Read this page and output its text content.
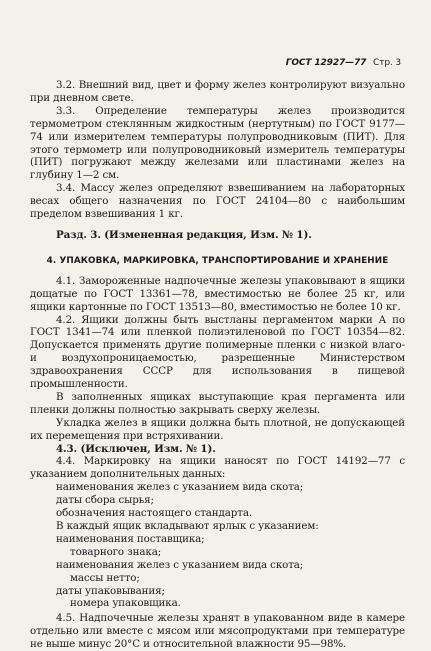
ГОСТ 12927—77 Стр. 3

3.2. Внешний вид, цвет и форму желез контролируют визуально при дневном свете.

3.3. Определение температуры желез производится термометром стеклянным жидкостным (нертутным) по ГОСТ 9177—74 или измерителем температуры полупроводниковым (ПИТ). Для этого термометр или полупроводниковый измеритель температуры (ПИТ) погружают между железами или пластинами желез на глубину 1—2 см.

3.4. Массу желез определяют взвешиванием на лабораторных весах общего назначения по ГОСТ 24104—80 с наибольшим пределом взвешивания 1 кг.

Разд. 3. (Измененная редакция, Изм. № 1).

4. УПАКОВКА, МАРКИРОВКА, ТРАНСПОРТИРОВАНИЕ И ХРАНЕНИЕ

4.1. Замороженные надпочечные железы упаковывают в ящики дощатые по ГОСТ 13361—78, вместимостью не более 25 кг, или ящики картонные по ГОСТ 13513—80, вместимостью не более 10 кг.

4.2. Ящики должны быть выстланы пергаментом марки А по ГОСТ 1341—74 или пленкой полиэтиленовой по ГОСТ 10354—82. Допускается применять другие полимерные пленки с низкой влаго- и воздухопроницаемостью, разрешенные Министерством здравоохранения СССР для использования в пищевой промышленности.

В заполненных ящиках выступающие края пергамента или пленки должны полностью закрывать сверху железы.

Укладка желез в ящики должна быть плотной, не допускающей их перемещения при встряхивании.

4.3. (Исключен, Изм. № 1).

4.4. Маркировку на ящики наносят по ГОСТ 14192—77 с указанием дополнительных данных:

наименования желез с указанием вида скота;

даты сбора сырья;

обозначения настоящего стандарта.

В каждый ящик вкладывают ярлык с указанием:

наименования поставщика;

товарного знака;

наименования желез с указанием вида скота;

массы нетто;

даты упаковывания;

номера упаковщика.

4.5. Надпочечные железы хранят в упакованном виде в камере отдельно или вместе с мясом или мясопродуктами при температуре не выше минус 20°С и относительной влажности 95—98%.
